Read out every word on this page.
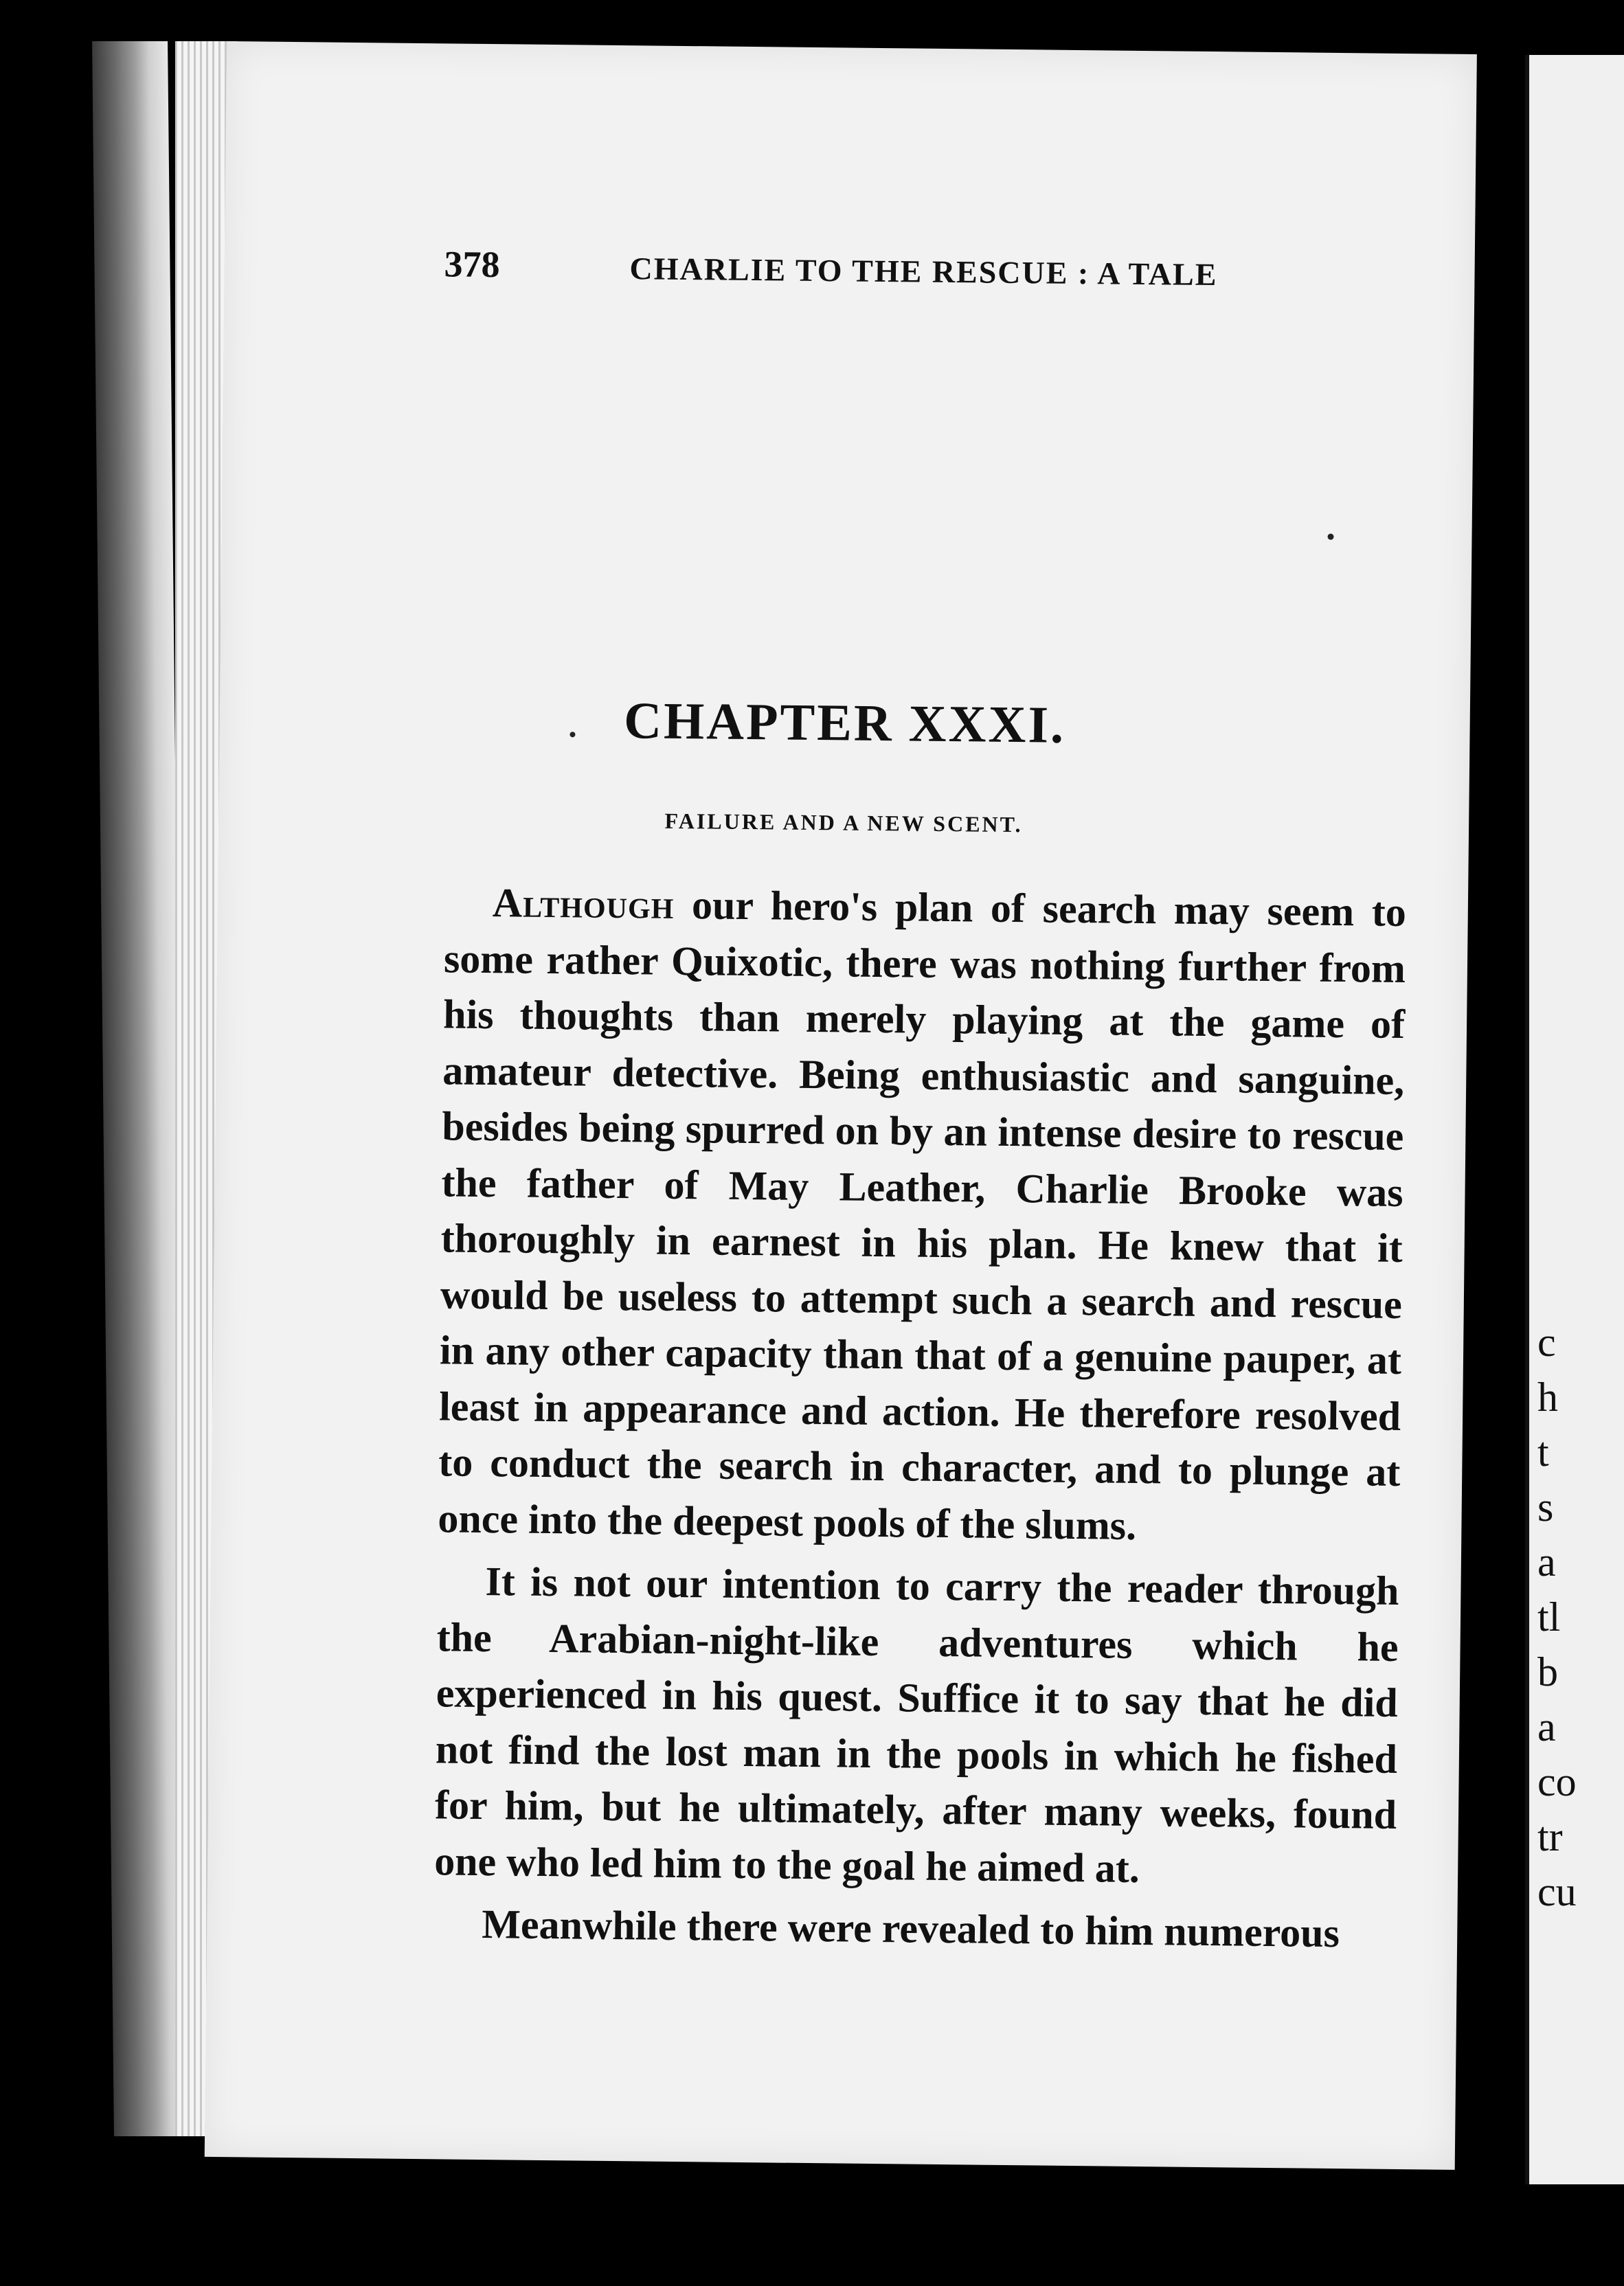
378	CHARLIE TO THE RESCUE : A TALE
CHAPTER XXXI.
FAILURE AND A NEW SCENT.

Although our hero's plan of search may seem to some rather Quixotic, there was nothing further from his thoughts than merely playing at the game of amateur detective. Being enthusiastic and sanguine, besides being spurred on by an intense desire to rescue the father of May Leather, Charlie Brooke was thoroughly in earnest in his plan. He knew that it would be useless to attempt such a search and rescue in any other capacity than that of a genuine pauper, at least in appearance and action. He therefore resolved to conduct the search in character, and to plunge at once into the deepest pools of the slums.

It is not our intention to carry the reader through the Arabian-night-like adventures which he experienced in his quest. Suffice it to say that he did not find the lost man in the pools in which he fished for him, but he ultimately, after many weeks, found one who led him to the goal he aimed at.

Meanwhile there were revealed to him numerous

c
h
t
s
a
tl
b
a
co
tr
cu
